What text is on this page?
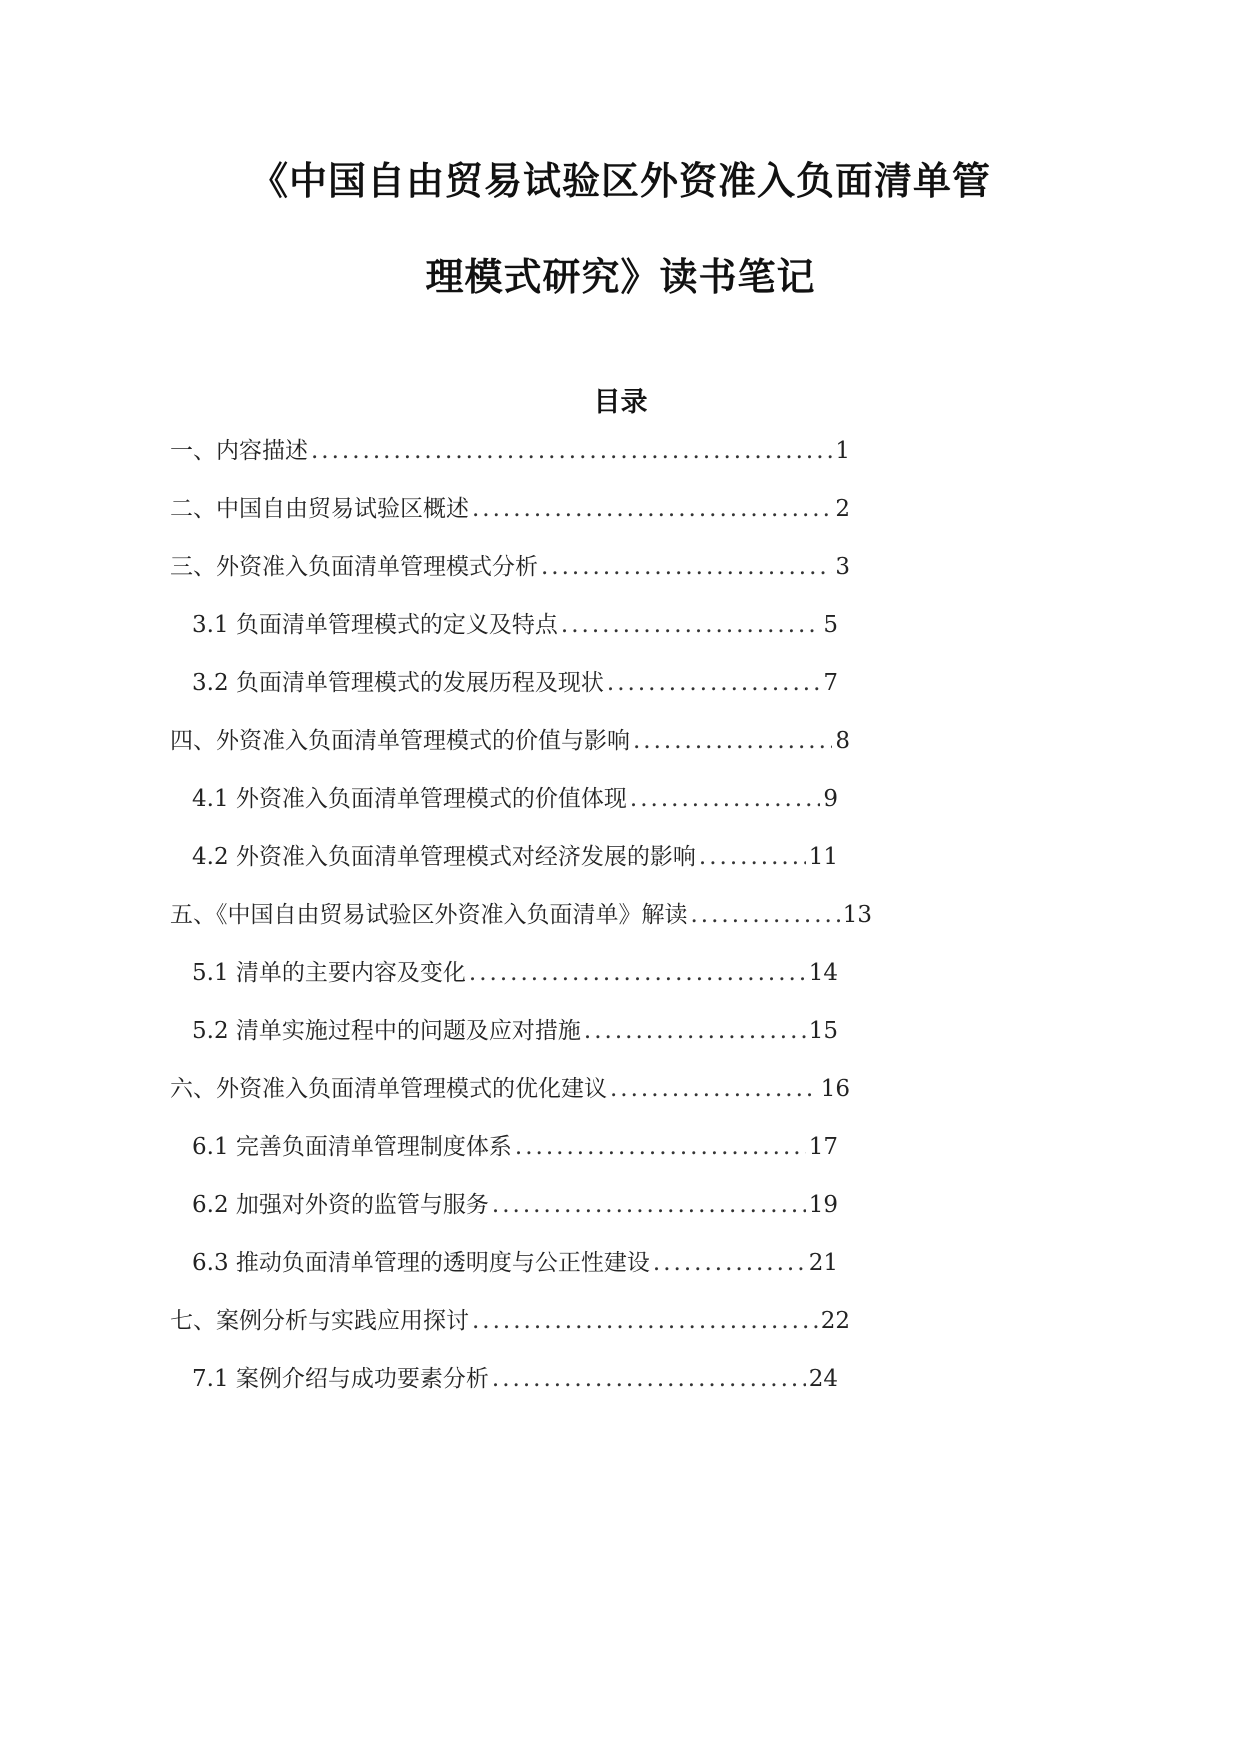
《中国自由贸易试验区外资准入负面清单管
理模式研究》读书笔记
目录
一、内容描述 .....	1
二、中国自由贸易试验区概述 .....	2
三、外资准入负面清单管理模式分析 .....	3
3.1 负面清单管理模式的定义及特点 .....	5
3.2 负面清单管理模式的发展历程及现状 .....	7
四、外资准入负面清单管理模式的价值与影响 .....	8
4.1 外资准入负面清单管理模式的价值体现 .....	9
4.2 外资准入负面清单管理模式对经济发展的影响 .....	11
五、《中国自由贸易试验区外资准入负面清单》解读 .....	13
5.1 清单的主要内容及变化 .....	14
5.2 清单实施过程中的问题及应对措施 .....	15
六、外资准入负面清单管理模式的优化建议 .....	16
6.1 完善负面清单管理制度体系 .....	17
6.2 加强对外资的监管与服务 .....	19
6.3 推动负面清单管理的透明度与公正性建设 .....	21
七、案例分析与实践应用探讨 .....	22
7.1 案例介绍与成功要素分析 .....	24
